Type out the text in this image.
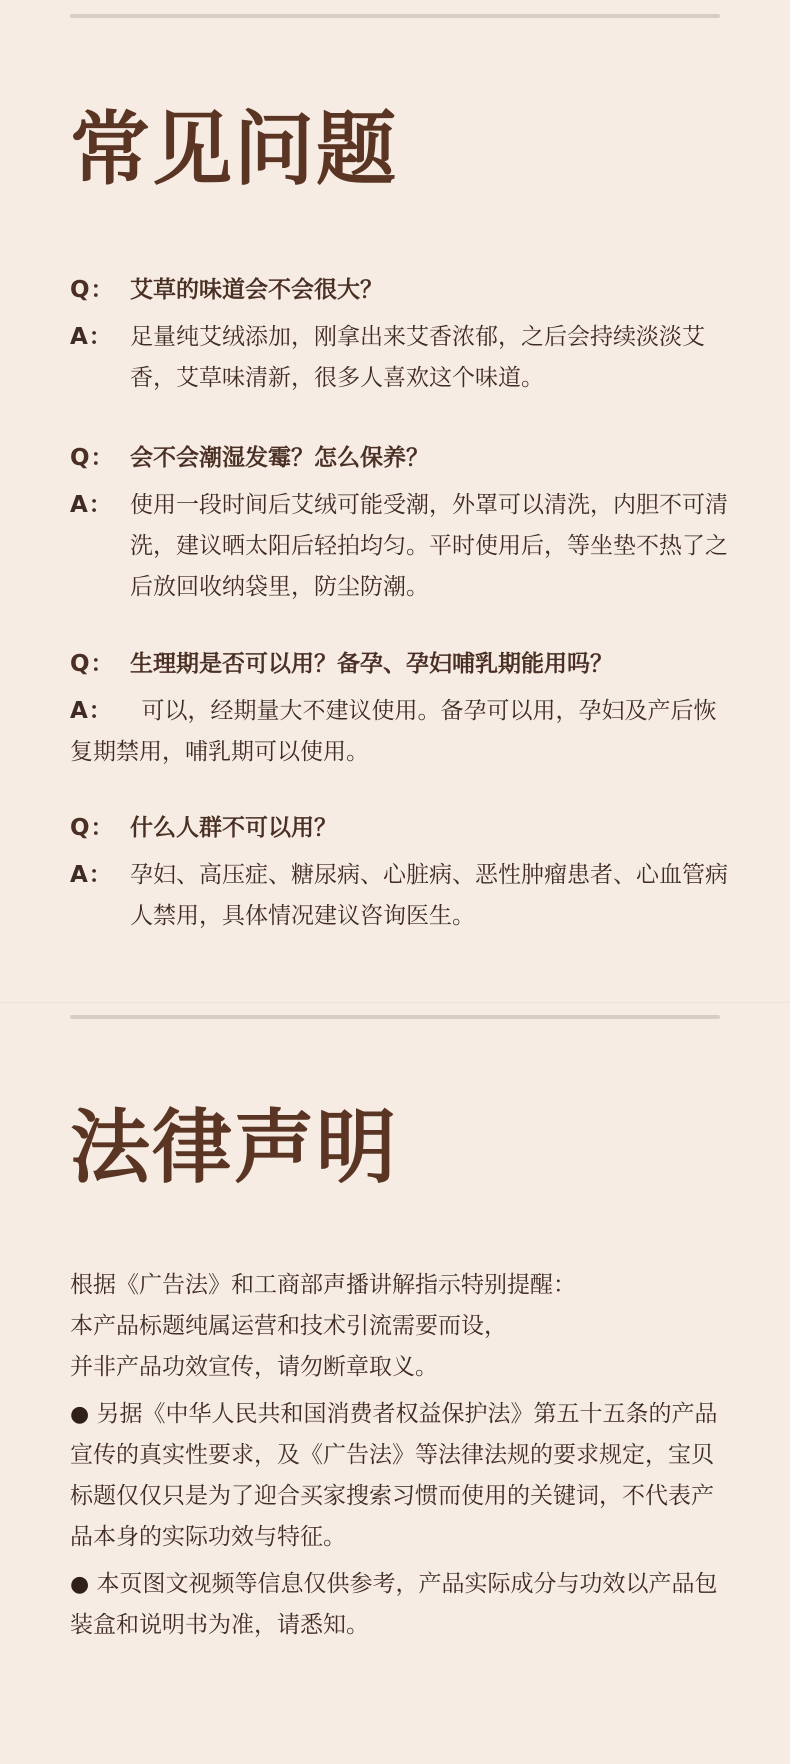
常见问题
Q： 艾草的味道会不会很大？
A： 足量纯艾绒添加，刚拿出来艾香浓郁，之后会持续淡淡艾香，艾草味清新，很多人喜欢这个味道。
Q： 会不会潮湿发霉？怎么保养？
A： 使用一段时间后艾绒可能受潮，外罩可以清洗，内胆不可清洗，建议晒太阳后轻拍均匀。平时使用后，等坐垫不热了之后放回收纳袋里，防尘防潮。
Q： 生理期是否可以用？备孕、孕妇哺乳期能用吗？
A： 可以，经期量大不建议使用。备孕可以用，孕妇及产后恢复期禁用，哺乳期可以使用。
Q： 什么人群不可以用？
A： 孕妇、高压症、糖尿病、心脏病、恶性肿瘤患者、心血管病人禁用，具体情况建议咨询医生。
法律声明

根据《广告法》和工商部声播讲解指示特别提醒：

本产品标题纯属运营和技术引流需要而设，

并非产品功效宣传，请勿断章取义。

● 另据《中华人民共和国消费者权益保护法》第五十五条的产品宣传的真实性要求，及《广告法》等法律法规的要求规定，宝贝标题仅仅只是为了迎合买家搜索习惯而使用的关键词，不代表产品本身的实际功效与特征。

● 本页图文视频等信息仅供参考，产品实际成分与功效以产品包装盒和说明书为准，请悉知。
